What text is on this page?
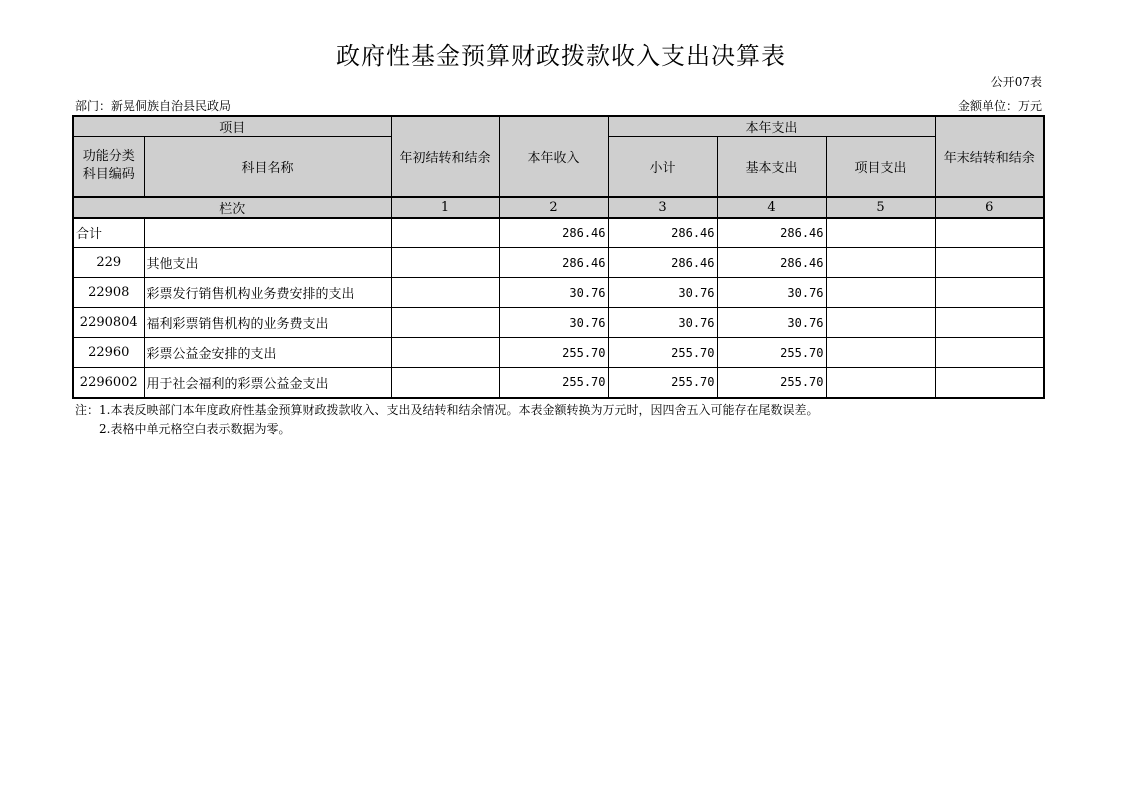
政府性基金预算财政拨款收入支出决算表
公开07表
部门：新晃侗族自治县民政局	金额单位：万元
项目		年初结转和结余	本年收入	本年支出			年末结转和结余

功能分类
科目编码	科目名称			小计	基本支出	项目支出	
栏次		1	2	3	4	5	6
合计			286.46	286.46	286.46		
229	其他支出		286.46	286.46	286.46		
22908	彩票发行销售机构业务费安排的支出		30.76	30.76	30.76		
2290804	福利彩票销售机构的业务费支出		30.76	30.76	30.76		
22960	彩票公益金安排的支出		255.70	255.70	255.70		
2296002	用于社会福利的彩票公益金支出		255.70	255.70	255.70		
注：1.本表反映部门本年度政府性基金预算财政拨款收入、支出及结转和结余情况。本表金额转换为万元时，因四舍五入可能存在尾数误差。
2.表格中单元格空白表示数据为零。
